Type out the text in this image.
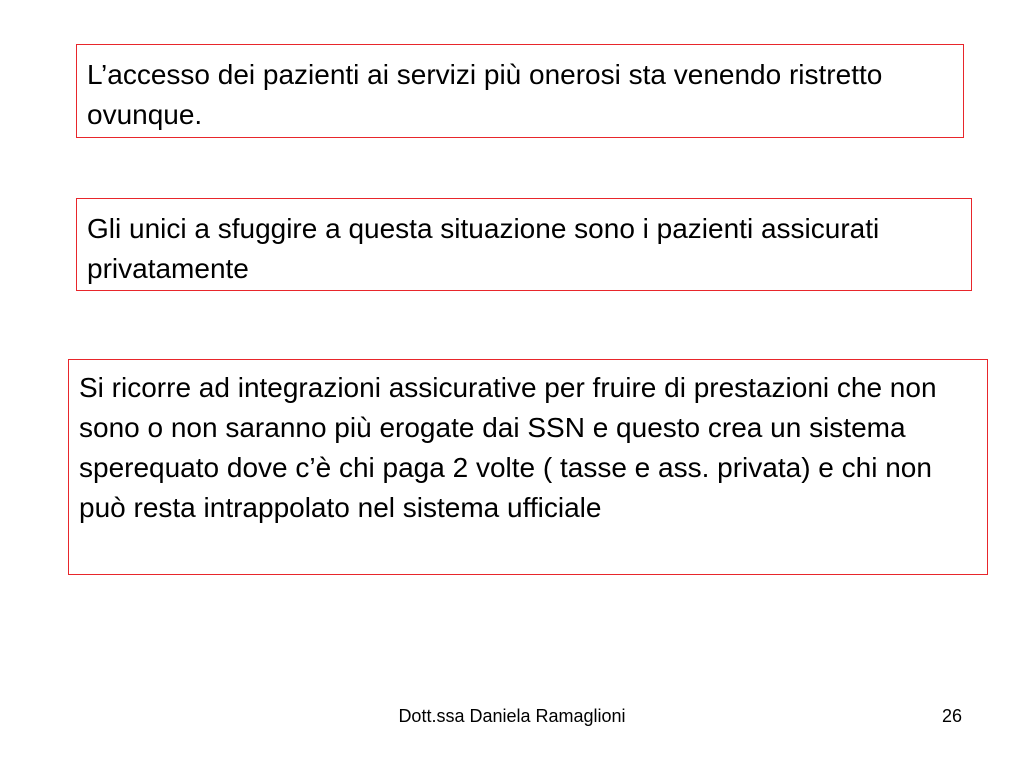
L’accesso dei pazienti ai servizi più onerosi sta venendo ristretto ovunque.
Gli unici a sfuggire a questa situazione sono i pazienti assicurati privatamente
Si ricorre ad integrazioni assicurative per fruire di prestazioni che non sono o non saranno più erogate dai SSN e questo crea un sistema sperequato dove c’è chi paga 2 volte ( tasse e ass. privata) e chi non può resta intrappolato nel sistema ufficiale
Dott.ssa Daniela Ramaglioni	26
